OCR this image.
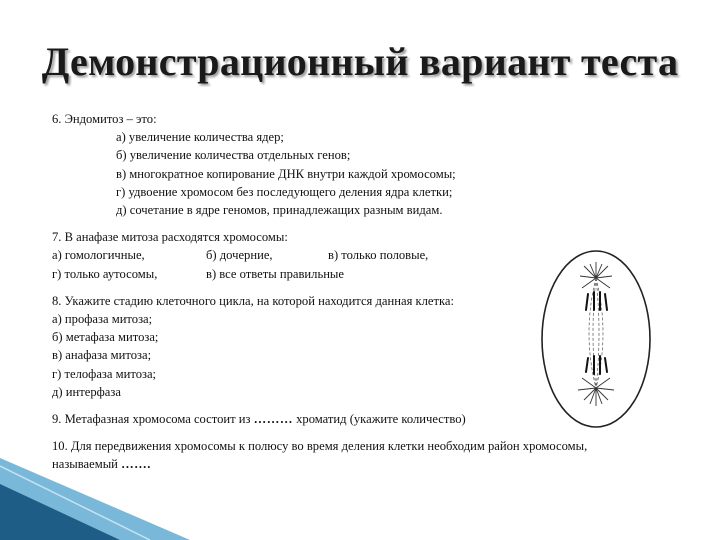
Демонстрационный вариант теста

6. Эндомитоз – это:

а) увеличение количества ядер;
б) увеличение количества отдельных генов;
в) многократное копирование ДНК внутри каждой хромосомы;
г) удвоение хромосом без последующего деления ядра клетки;
д) сочетание в ядре геномов, принадлежащих разным видам.

7. В анафазе митоза расходятся хромосомы:

а) гомологичные,	б) дочерние,	в) только половые,
г) только аутосомы,	в) все ответы правильные

8. Укажите стадию клеточного цикла, на которой находится данная клетка:

а) профаза митоза;
б) метафаза митоза;
в) анафаза митоза;
г) телофаза митоза;
д) интерфаза

9. Метафазная хромосома состоит из ……… хроматид (укажите количество)

10. Для передвижения хромосомы к полюсу во время деления клетки необходим район хромосомы,
называемый …….
